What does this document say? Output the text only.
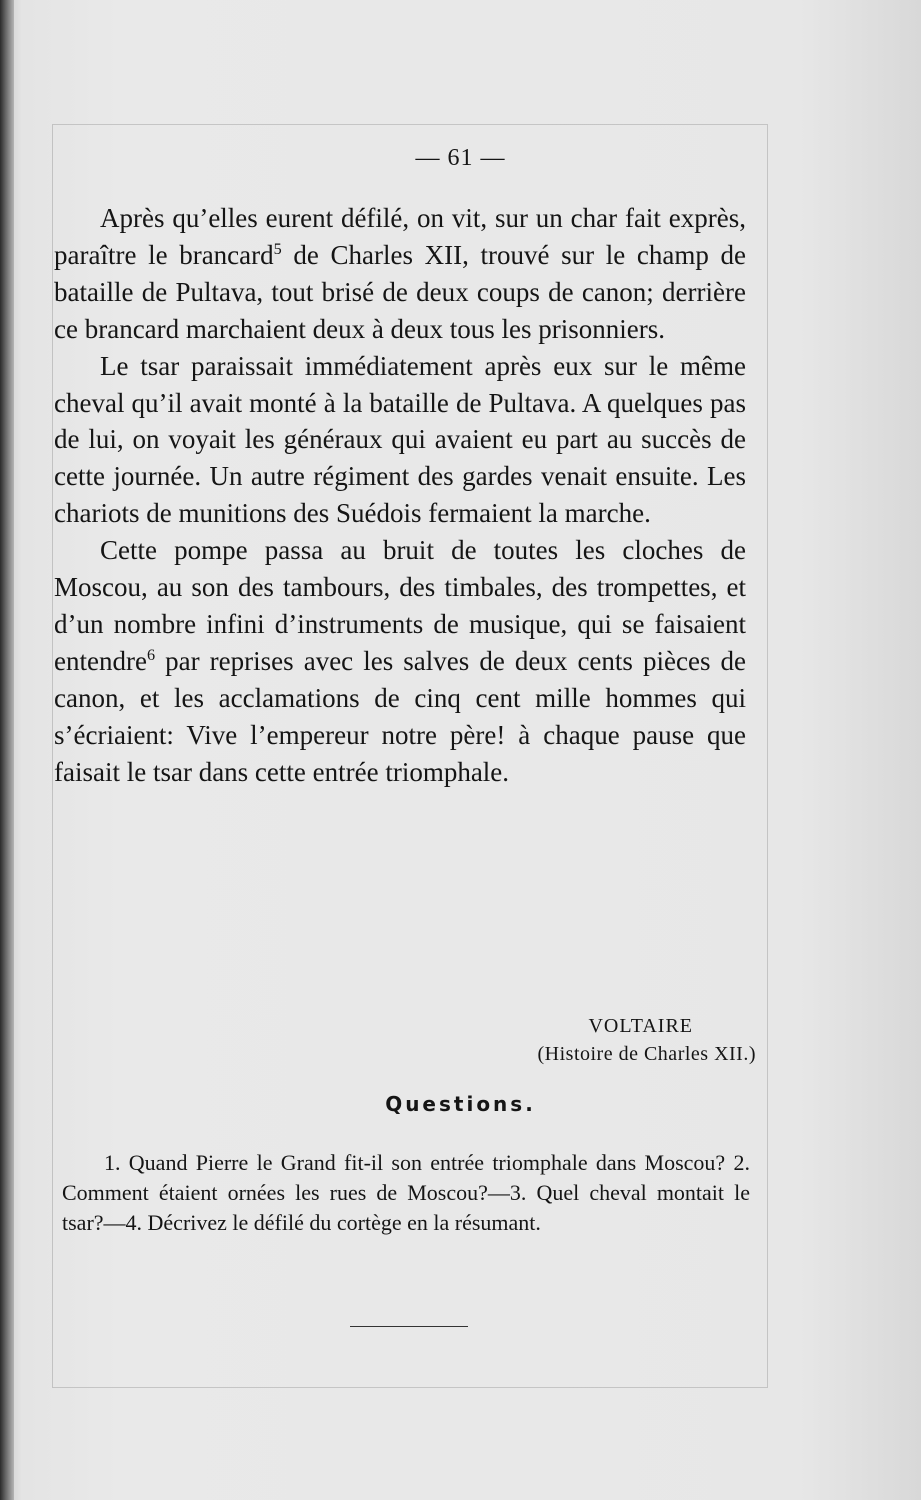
— 61 —

Après qu’elles eurent défilé, on vit, sur un char fait exprès, paraître le brancard$^5$ de Charles XII, trouvé sur le champ de bataille de Pultava, tout brisé de deux coups de canon; derrière ce brancard marchaient deux à deux tous les prisonniers.

Le tsar paraissait immédiatement après eux sur le même cheval qu’il avait monté à la bataille de Pultava. A quelques pas de lui, on voyait les généraux qui avaient eu part au succès de cette journée. Un autre régiment des gardes venait ensuite. Les chariots de munitions des Suédois fermaient la marche.

Cette pompe passa au bruit de toutes les cloches de Moscou, au son des tambours, des timbales, des trompettes, et d’un nombre infini d’instruments de musique, qui se faisaient entendre$^6$ par reprises avec les salves de deux cents pièces de canon, et les acclamations de cinq cent mille hommes qui s’écriaient: Vive l’empereur notre père! à chaque pause que faisait le tsar dans cette entrée triomphale.

VOLTAIRE
(Histoire de Charles XII.)
Questions.
1. Quand Pierre le Grand fit-il son entrée triomphale dans Moscou? 2. Comment étaient ornées les rues de Moscou?—3. Quel cheval montait le tsar?—4. Décrivez le défilé du cortège en la résumant.
